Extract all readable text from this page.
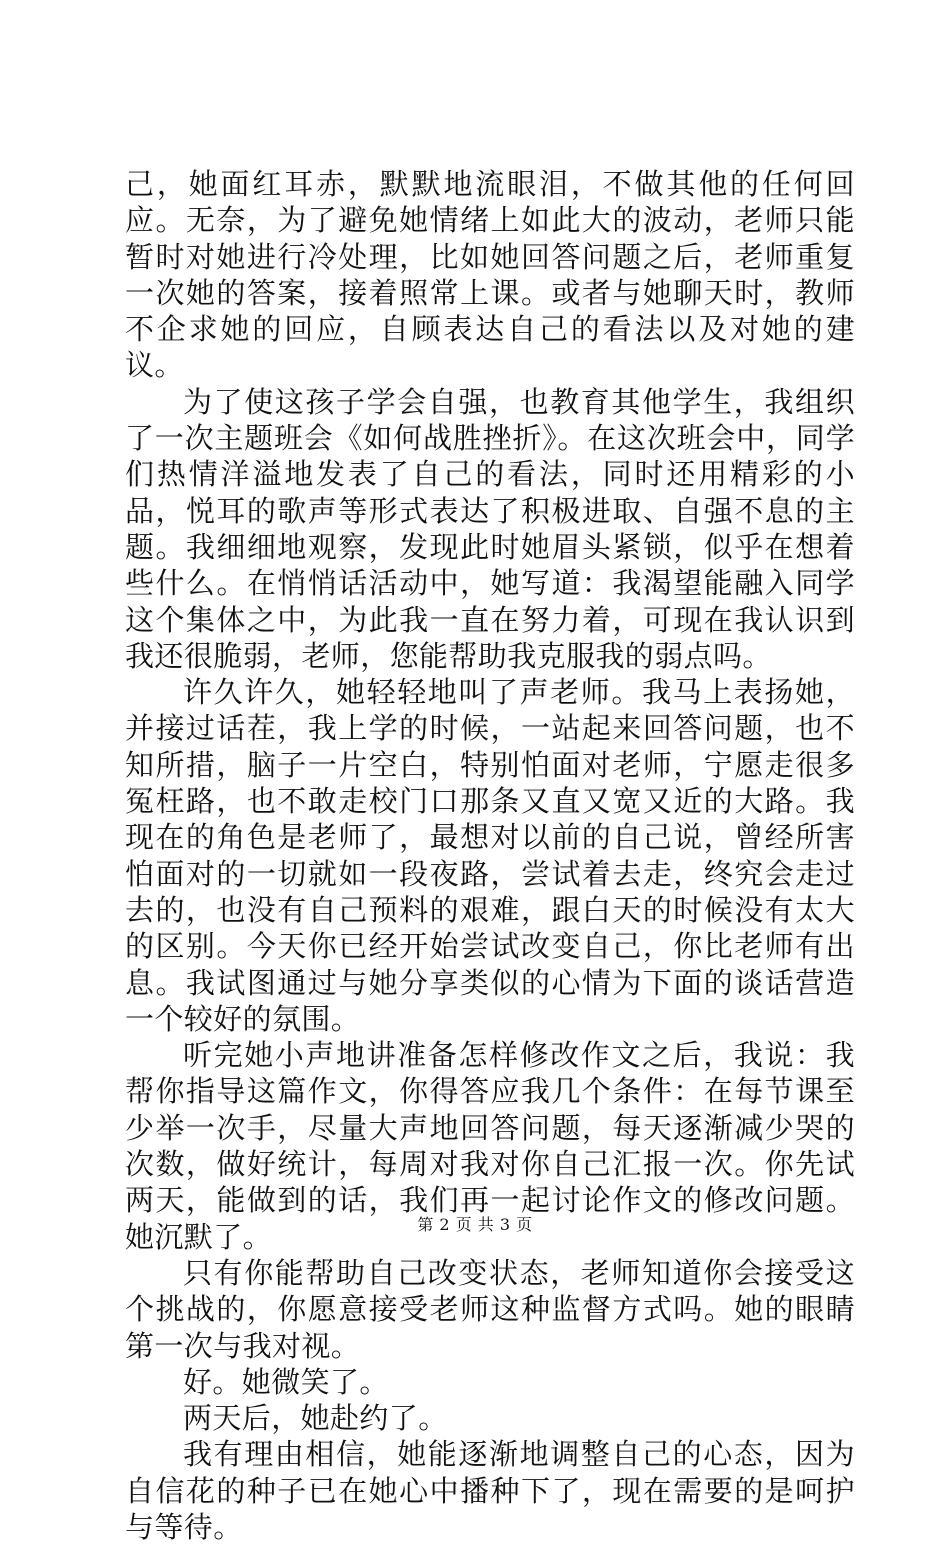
己，她面红耳赤，默默地流眼泪，不做其他的任何回应。无奈，为了避免她情绪上如此大的波动，老师只能暂时对她进行冷处理，比如她回答问题之后，老师重复一次她的答案，接着照常上课。或者与她聊天时，教师不企求她的回应，自顾表达自己的看法以及对她的建议。

为了使这孩子学会自强，也教育其他学生，我组织了一次主题班会《如何战胜挫折》。在这次班会中，同学们热情洋溢地发表了自己的看法，同时还用精彩的小品，悦耳的歌声等形式表达了积极进取、自强不息的主题。我细细地观察，发现此时她眉头紧锁，似乎在想着些什么。在悄悄话活动中，她写道：我渴望能融入同学这个集体之中，为此我一直在努力着，可现在我认识到我还很脆弱，老师，您能帮助我克服我的弱点吗。

许久许久，她轻轻地叫了声老师。我马上表扬她，并接过话茬，我上学的时候，一站起来回答问题，也不知所措，脑子一片空白，特别怕面对老师，宁愿走很多冤枉路，也不敢走校门口那条又直又宽又近的大路。我现在的角色是老师了，最想对以前的自己说，曾经所害怕面对的一切就如一段夜路，尝试着去走，终究会走过去的，也没有自己预料的艰难，跟白天的时候没有太大的区别。今天你已经开始尝试改变自己，你比老师有出息。我试图通过与她分享类似的心情为下面的谈话营造一个较好的氛围。

听完她小声地讲准备怎样修改作文之后，我说：我帮你指导这篇作文，你得答应我几个条件：在每节课至少举一次手，尽量大声地回答问题，每天逐渐减少哭的次数，做好统计，每周对我对你自己汇报一次。你先试两天，能做到的话，我们再一起讨论作文的修改问题。她沉默了。

只有你能帮助自己改变状态，老师知道你会接受这个挑战的，你愿意接受老师这种监督方式吗。她的眼睛第一次与我对视。

好。她微笑了。

两天后，她赴约了。

我有理由相信，她能逐渐地调整自己的心态，因为自信花的种子已在她心中播种下了，现在需要的是呵护与等待。

第 2 页 共 3 页
